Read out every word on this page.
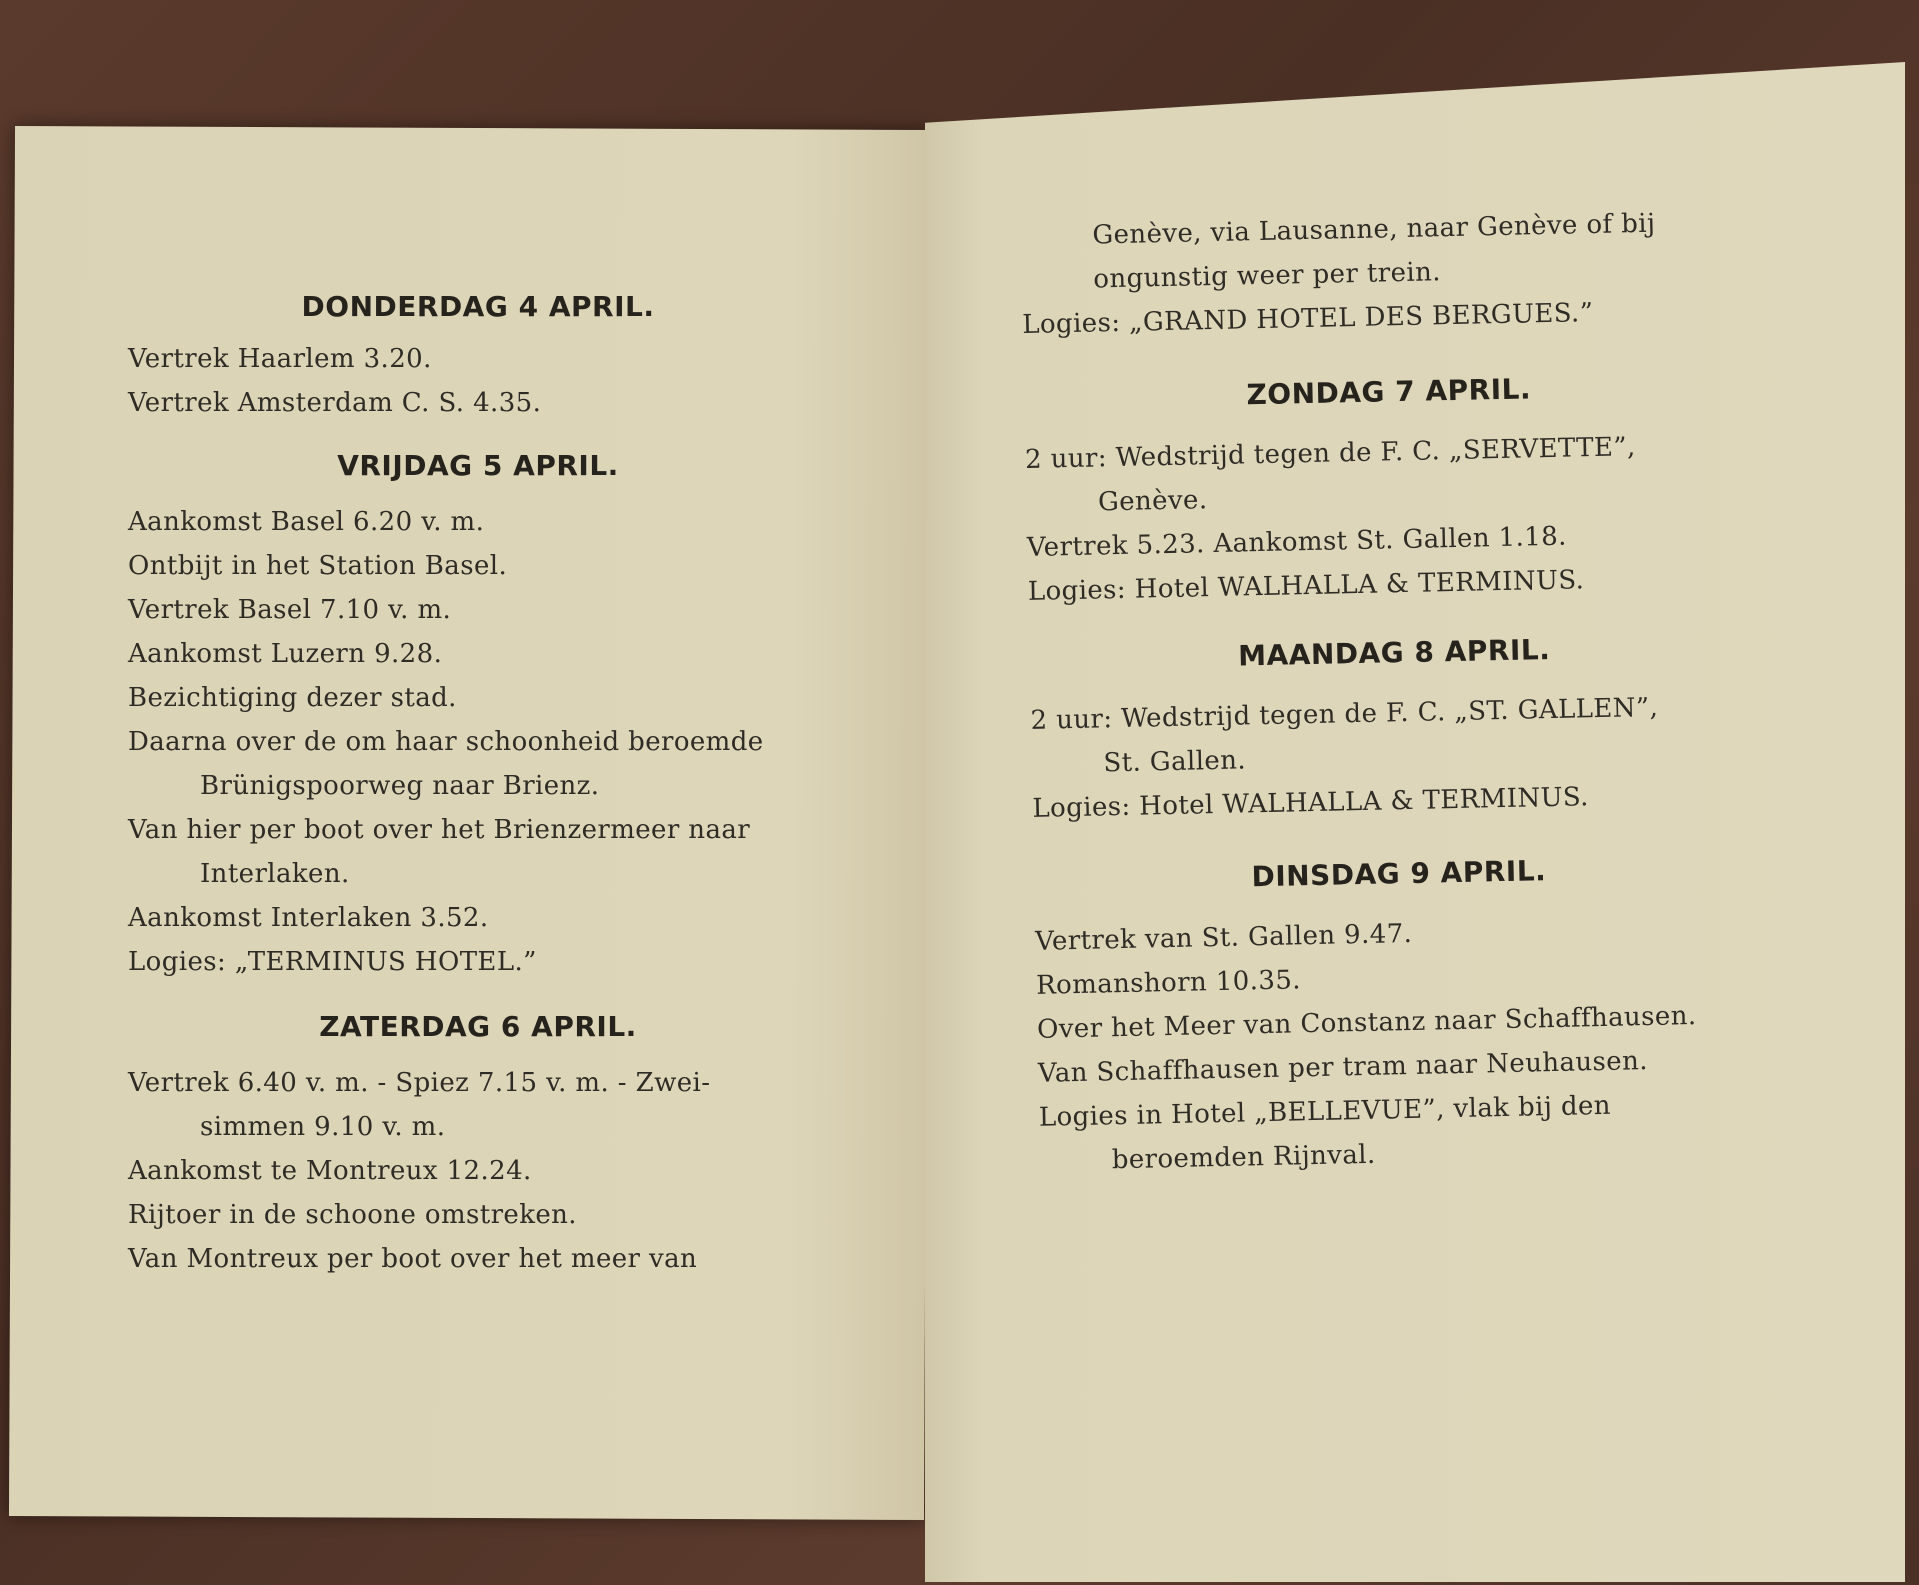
DONDERDAG 4 APRIL.

Vertrek Haarlem 3.20.

Vertrek Amsterdam C. S. 4.35.

VRIJDAG 5 APRIL.

Aankomst Basel 6.20 v. m.

Ontbijt in het Station Basel.

Vertrek Basel 7.10 v. m.

Aankomst Luzern 9.28.

Bezichtiging dezer stad.

Daarna over de om haar schoonheid beroemde

Brünigspoorweg naar Brienz.

Van hier per boot over het Brienzermeer naar

Interlaken.

Aankomst Interlaken 3.52.

Logies: „TERMINUS HOTEL.”

ZATERDAG 6 APRIL.

Vertrek 6.40 v. m. - Spiez 7.15 v. m. - Zwei-

simmen 9.10 v. m.

Aankomst te Montreux 12.24.

Rijtoer in de schoone omstreken.

Van Montreux per boot over het meer van

Genève, via Lausanne, naar Genève of bij

ongunstig weer per trein.

Logies: „GRAND HOTEL DES BERGUES.”

ZONDAG 7 APRIL.

2 uur: Wedstrijd tegen de F. C. „SERVETTE”,

Genève.

Vertrek 5.23. Aankomst St. Gallen 1.18.

Logies: Hotel WALHALLA & TERMINUS.

MAANDAG 8 APRIL.

2 uur: Wedstrijd tegen de F. C. „ST. GALLEN”,

St. Gallen.

Logies: Hotel WALHALLA & TERMINUS.

DINSDAG 9 APRIL.

Vertrek van St. Gallen 9.47.

Romanshorn 10.35.

Over het Meer van Constanz naar Schaffhausen.

Van Schaffhausen per tram naar Neuhausen.

Logies in Hotel „BELLEVUE”, vlak bij den

beroemden Rijnval.
